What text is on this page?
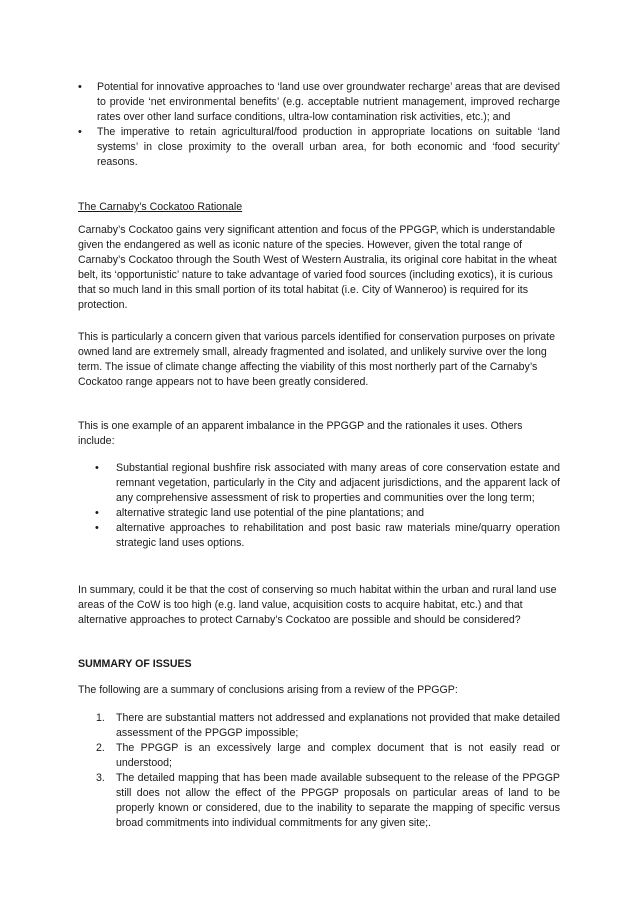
• Potential for innovative approaches to ‘land use over groundwater recharge’ areas that are devised to provide ‘net environmental benefits’ (e.g. acceptable nutrient management, improved recharge rates over other land surface conditions, ultra-low contamination risk activities, etc.); and
• The imperative to retain agricultural/food production in appropriate locations on suitable ‘land systems’ in close proximity to the overall urban area, for both economic and ‘food security’ reasons.
The Carnaby’s Cockatoo Rationale

Carnaby’s Cockatoo gains very significant attention and focus of the PPGGP, which is understandable given the endangered as well as iconic nature of the species. However, given the total range of Carnaby’s Cockatoo through the South West of Western Australia, its original core habitat in the wheat belt, its ‘opportunistic’ nature to take advantage of varied food sources (including exotics), it is curious that so much land in this small portion of its total habitat (i.e. City of Wanneroo) is required for its protection.

This is particularly a concern given that various parcels identified for conservation purposes on private owned land are extremely small, already fragmented and isolated, and unlikely survive over the long term. The issue of climate change affecting the viability of this most northerly part of the Carnaby’s Cockatoo range appears not to have been greatly considered.

This is one example of an apparent imbalance in the PPGGP and the rationales it uses. Others include:

• Substantial regional bushfire risk associated with many areas of core conservation estate and remnant vegetation, particularly in the City and adjacent jurisdictions, and the apparent lack of any comprehensive assessment of risk to properties and communities over the long term;
• alternative strategic land use potential of the pine plantations; and
• alternative approaches to rehabilitation and post basic raw materials mine/quarry operation strategic land uses options.

In summary, could it be that the cost of conserving so much habitat within the urban and rural land use areas of the CoW is too high (e.g. land value, acquisition costs to acquire habitat, etc.) and that alternative approaches to protect Carnaby’s Cockatoo are possible and should be considered?

SUMMARY OF ISSUES

The following are a summary of conclusions arising from a review of the PPGGP:

1. There are substantial matters not addressed and explanations not provided that make detailed assessment of the PPGGP impossible;
2. The PPGGP is an excessively large and complex document that is not easily read or understood;
3. The detailed mapping that has been made available subsequent to the release of the PPGGP still does not allow the effect of the PPGGP proposals on particular areas of land to be properly known or considered, due to the inability to separate the mapping of specific versus broad commitments into individual commitments for any given site;.
